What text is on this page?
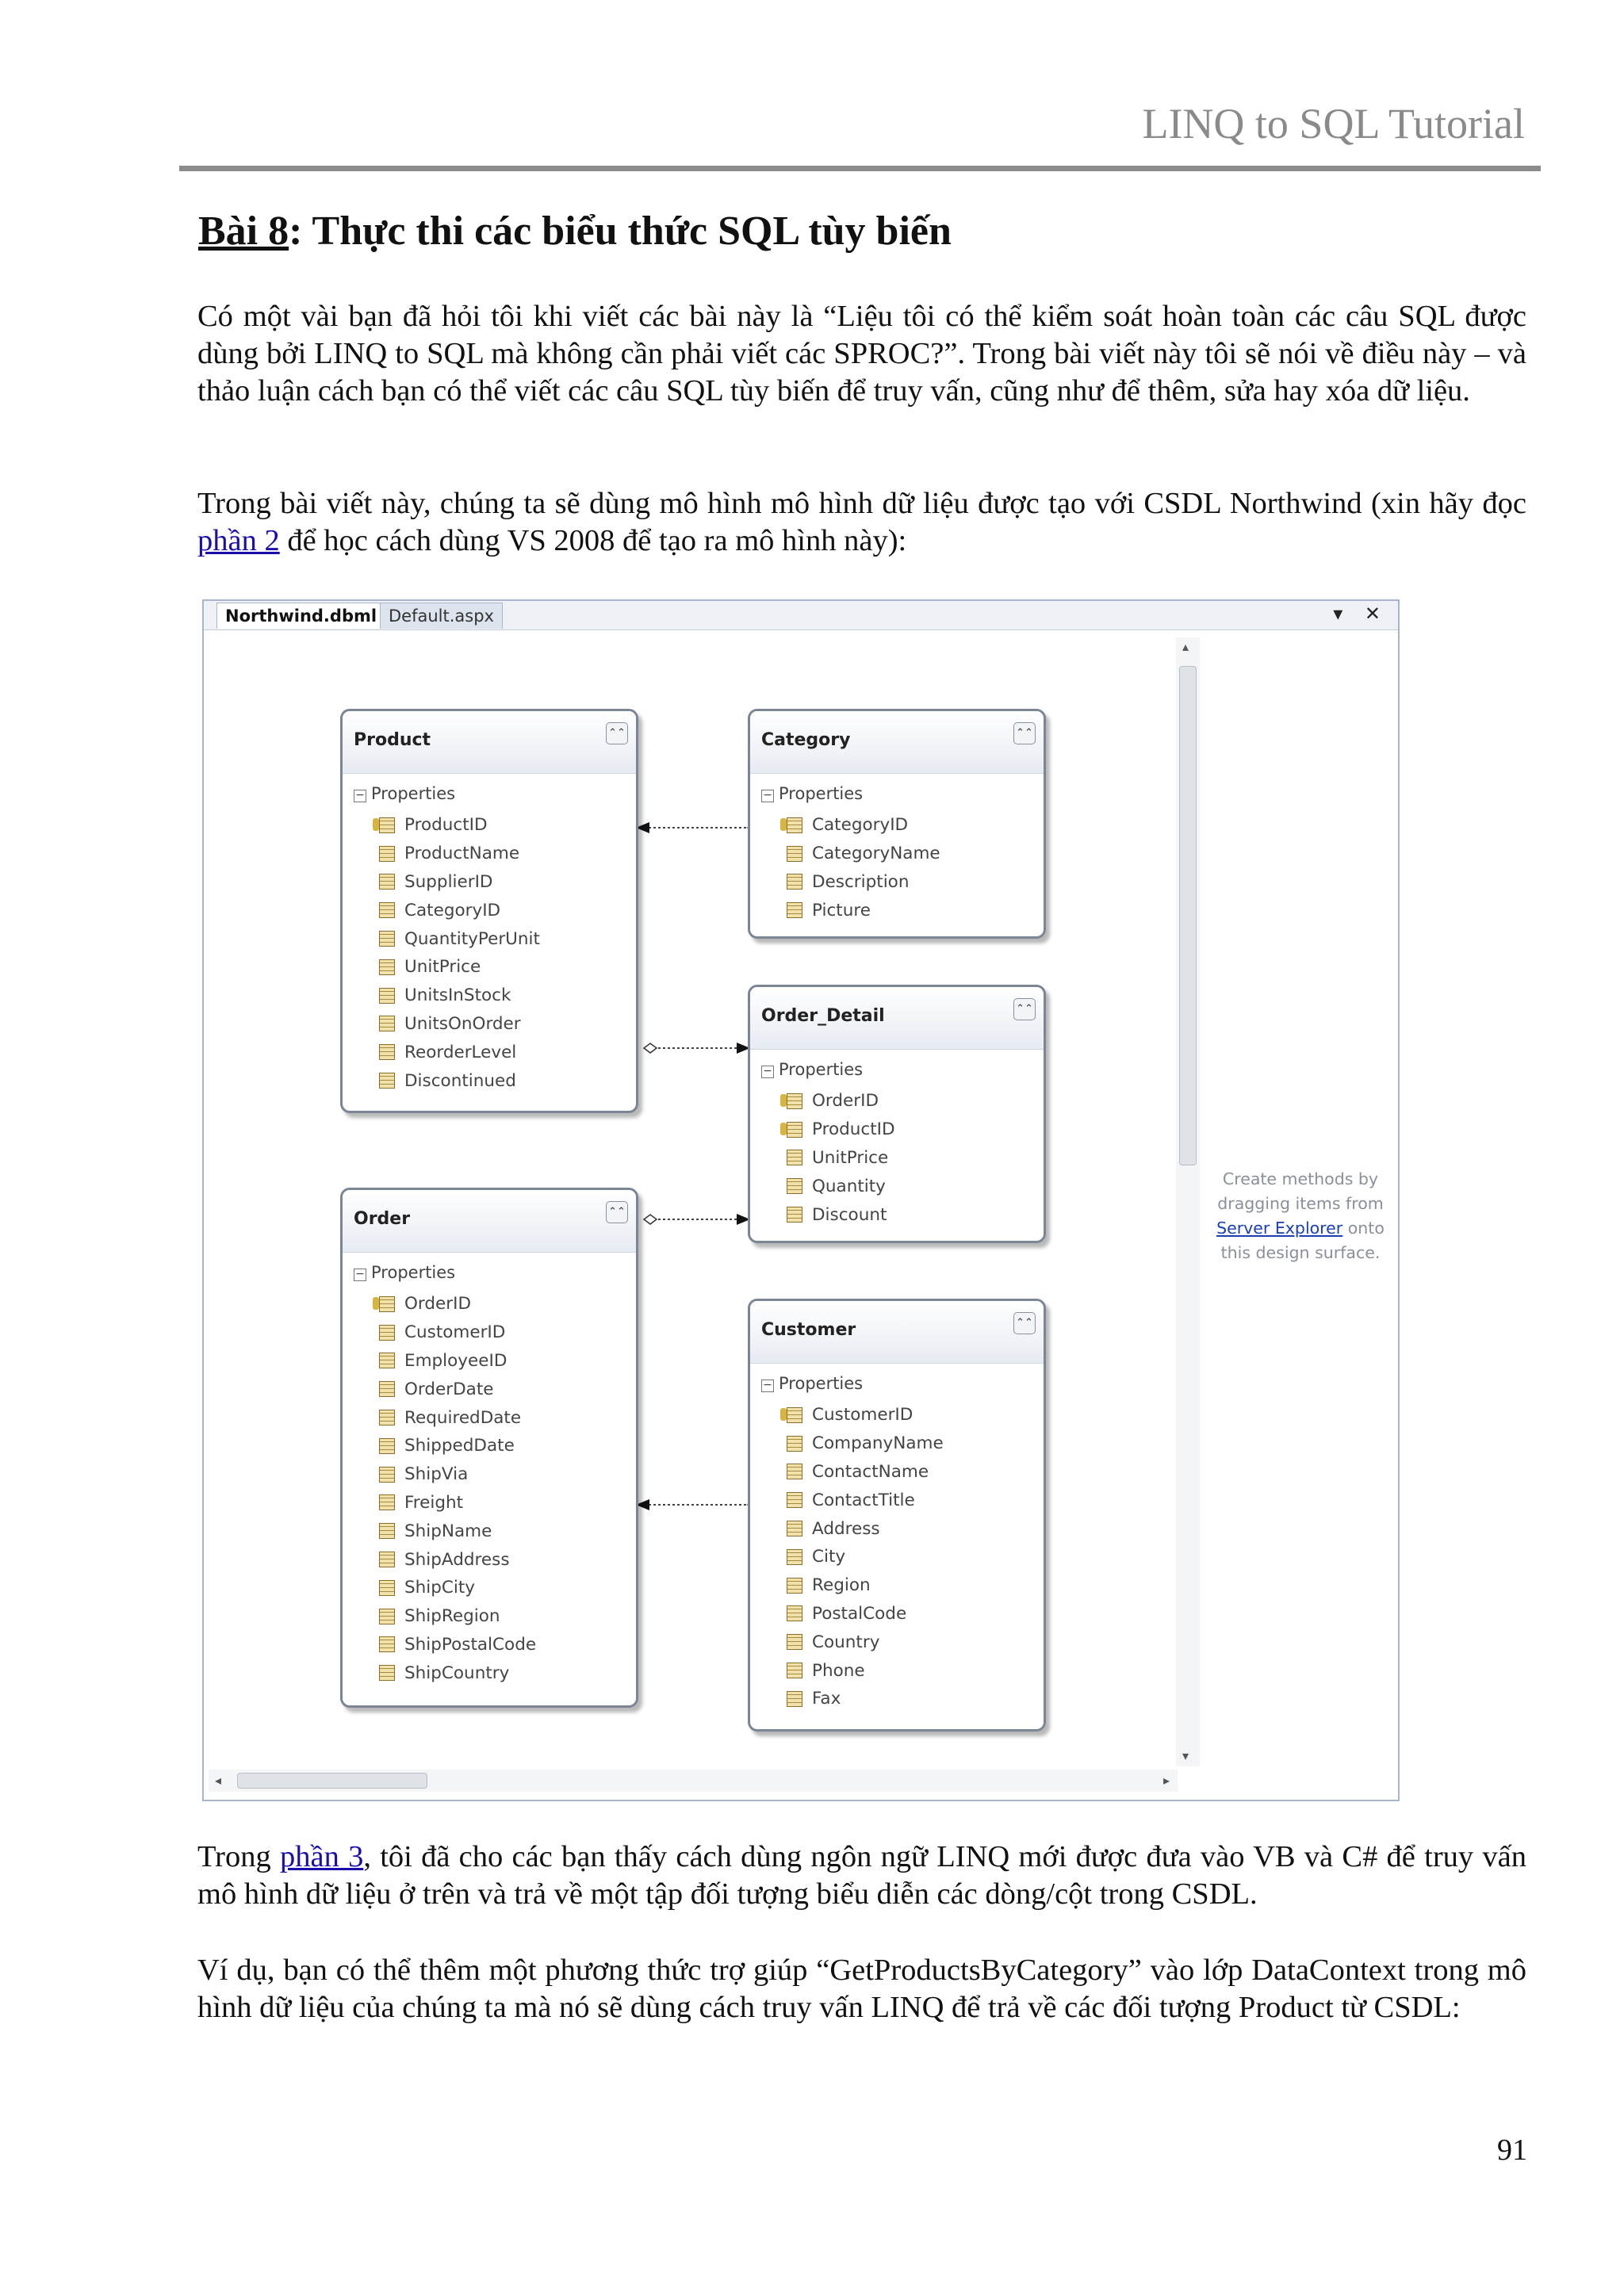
LINQ to SQL Tutorial
Bài 8: Thực thi các biểu thức SQL tùy biến
Có một vài bạn đã hỏi tôi khi viết các bài này là “Liệu tôi có thể kiểm soát hoàn toàn các câu SQL được dùng bởi LINQ to SQL mà không cần phải viết các SPROC?”. Trong bài viết này tôi sẽ nói về điều này – và thảo luận cách bạn có thể viết các câu SQL tùy biến để truy vấn, cũng như để thêm, sửa hay xóa dữ liệu.
Trong bài viết này, chúng ta sẽ dùng mô hình mô hình dữ liệu được tạo với CSDL Northwind (xin hãy đọc phần 2 để học cách dùng VS 2008 để tạo ra mô hình này):
Northwind.dbml Default.aspx	▾ ✕
Product	⌃⌃
− Properties
ProductID
ProductName
SupplierID
CategoryID
QuantityPerUnit
UnitPrice
UnitsInStock
UnitsOnOrder
ReorderLevel
Discontinued
Category	⌃⌃
− Properties
CategoryID
CategoryName
Description
Picture
Order_Detail	⌃⌃
− Properties
OrderID
ProductID
UnitPrice
Quantity
Discount
Order	⌃⌃
− Properties
OrderID
CustomerID
EmployeeID
OrderDate
RequiredDate
ShippedDate
ShipVia
Freight
ShipName
ShipAddress
ShipCity
ShipRegion
ShipPostalCode
ShipCountry
Customer	⌃⌃
− Properties
CustomerID
CompanyName
ContactName
ContactTitle
Address
City
Region
PostalCode
Country
Phone
Fax
▴
▾
◂	▸
Create methods by dragging items from Server Explorer onto this design surface.
Trong phần 3, tôi đã cho các bạn thấy cách dùng ngôn ngữ LINQ mới được đưa vào VB và C# để truy vấn mô hình dữ liệu ở trên và trả về một tập đối tượng biểu diễn các dòng/cột trong CSDL.
Ví dụ, bạn có thể thêm một phương thức trợ giúp “GetProductsByCategory” vào lớp DataContext trong mô hình dữ liệu của chúng ta mà nó sẽ dùng cách truy vấn LINQ để trả về các đối tượng Product từ CSDL:
91
